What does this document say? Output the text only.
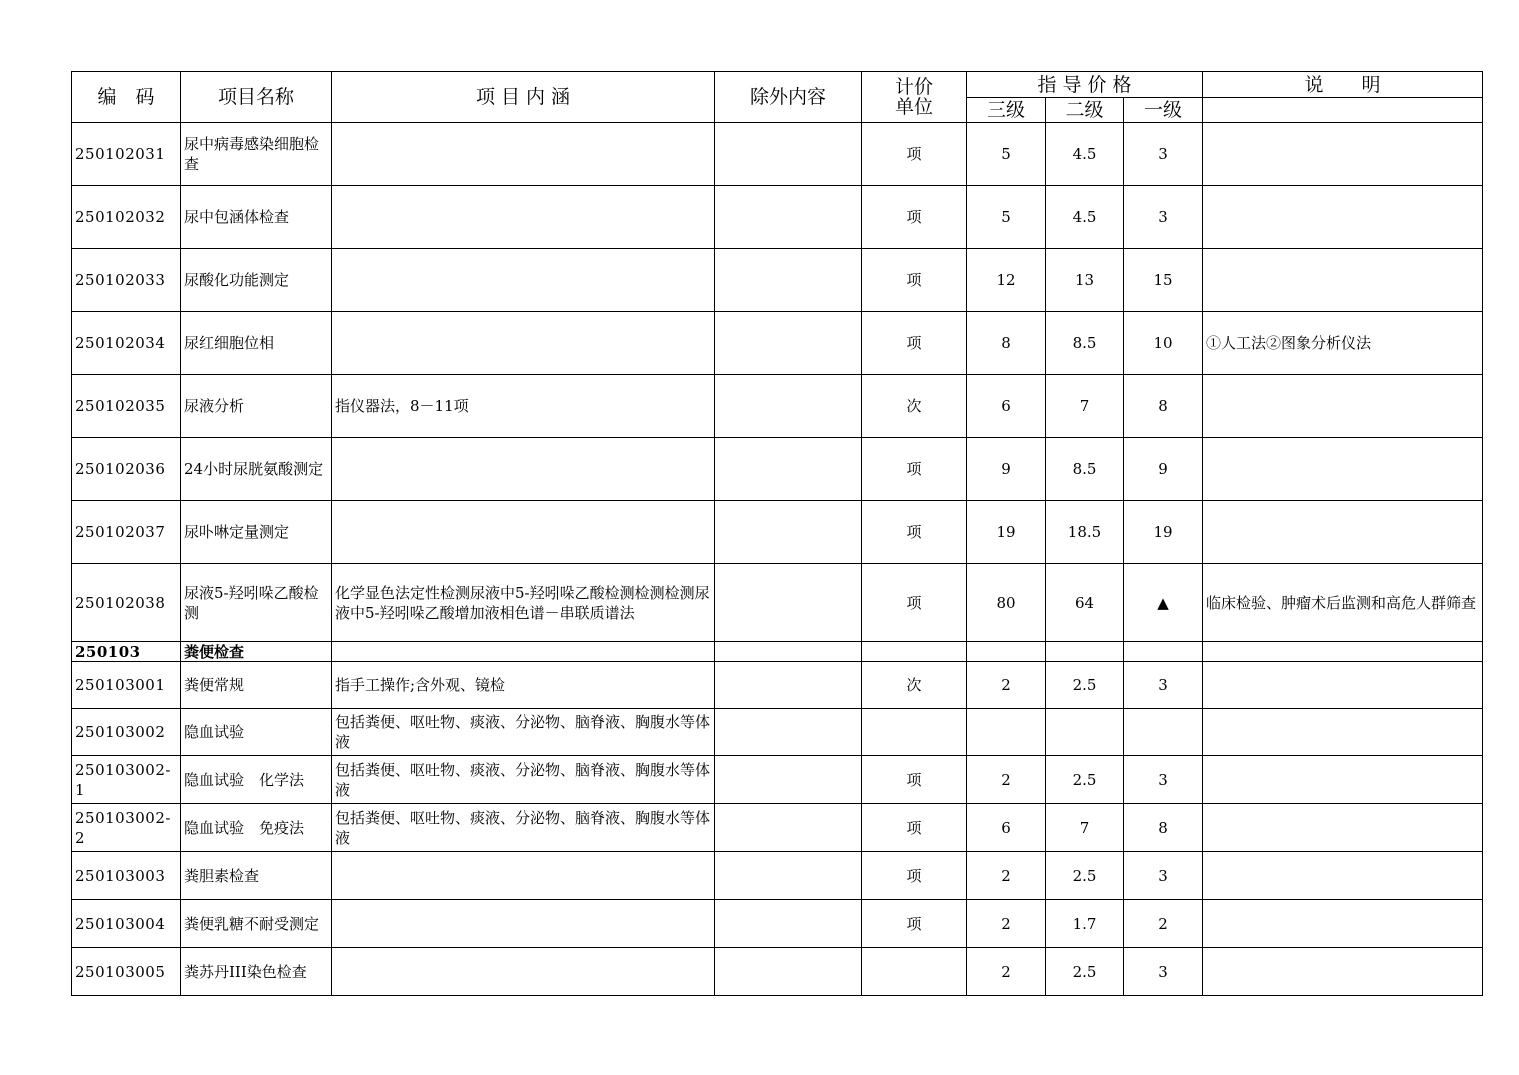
编　码	项目名称	项 目 内 涵	除外内容	计价
单位	指 导 价 格			说　　明
					三级	二级	一级	
250102031	尿中病毒感染细胞检查			项	5	4.5	3	
250102032	尿中包涵体检查			项	5	4.5	3	
250102033	尿酸化功能测定			项	12	13	15	
250102034	尿红细胞位相			项	8	8.5	10	①人工法②图象分析仪法
250102035	尿液分析	指仪器法，8－11项		次	6	7	8	
250102036	24小时尿胱氨酸测定			项	9	8.5	9	
250102037	尿卟啉定量测定			项	19	18.5	19	
250102038	尿液5-羟吲哚乙酸检测	化学显色法定性检测尿液中5-羟吲哚乙酸检测检测检测尿液中5-羟吲哚乙酸增加液相色谱－串联质谱法		项	80	64	▲	临床检验、肿瘤术后监测和高危人群筛查
250103	粪便检查							
250103001	粪便常规	指手工操作;含外观、镜检		次	2	2.5	3	
250103002	隐血试验	包括粪便、呕吐物、痰液、分泌物、脑脊液、胸腹水等体液						
250103002-1	隐血试验　化学法	包括粪便、呕吐物、痰液、分泌物、脑脊液、胸腹水等体液		项	2	2.5	3	
250103002-2	隐血试验　免疫法	包括粪便、呕吐物、痰液、分泌物、脑脊液、胸腹水等体液		项	6	7	8	
250103003	粪胆素检查			项	2	2.5	3	
250103004	粪便乳糖不耐受测定			项	2	1.7	2	
250103005	粪苏丹III染色检查				2	2.5	3	
